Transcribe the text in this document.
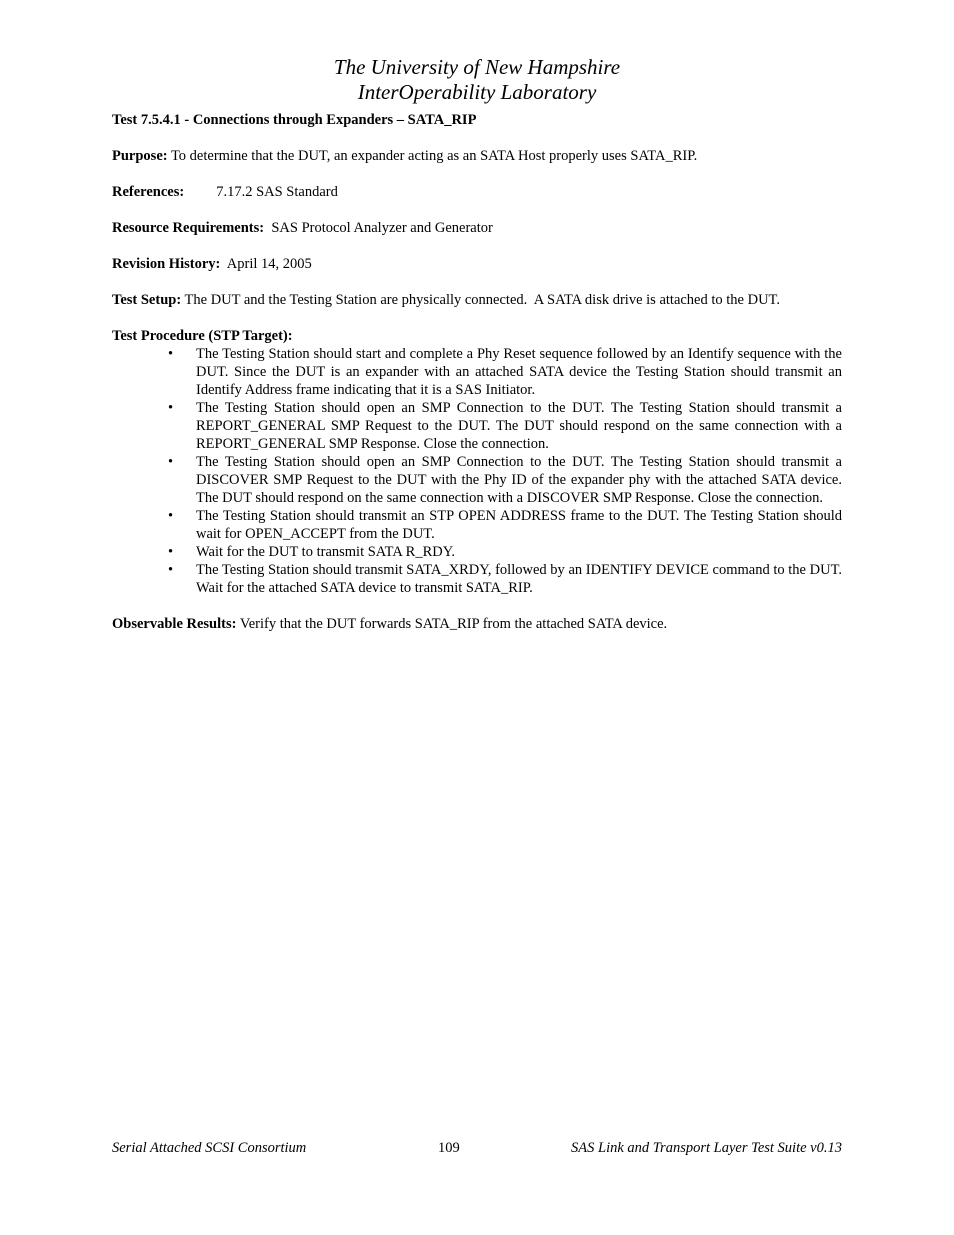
The University of New Hampshire
InterOperability Laboratory
Test 7.5.4.1 - Connections through Expanders – SATA_RIP
Purpose: To determine that the DUT, an expander acting as an SATA Host properly uses SATA_RIP.
References: 7.17.2 SAS Standard
Resource Requirements:  SAS Protocol Analyzer and Generator
Revision History:  April 14, 2005
Test Setup: The DUT and the Testing Station are physically connected.  A SATA disk drive is attached to the DUT.
Test Procedure (STP Target):
• The Testing Station should start and complete a Phy Reset sequence followed by an Identify sequence with the DUT. Since the DUT is an expander with an attached SATA device the Testing Station should transmit an Identify Address frame indicating that it is a SAS Initiator.
• The Testing Station should open an SMP Connection to the DUT. The Testing Station should transmit a REPORT_GENERAL SMP Request to the DUT. The DUT should respond on the same connection with a REPORT_GENERAL SMP Response. Close the connection.
• The Testing Station should open an SMP Connection to the DUT. The Testing Station should transmit a DISCOVER SMP Request to the DUT with the Phy ID of the expander phy with the attached SATA device. The DUT should respond on the same connection with a DISCOVER SMP Response. Close the connection.
• The Testing Station should transmit an STP OPEN ADDRESS frame to the DUT. The Testing Station should wait for OPEN_ACCEPT from the DUT.
• Wait for the DUT to transmit SATA R_RDY.
• The Testing Station should transmit SATA_XRDY, followed by an IDENTIFY DEVICE command to the DUT. Wait for the attached SATA device to transmit SATA_RIP.
Observable Results: Verify that the DUT forwards SATA_RIP from the attached SATA device.
Serial Attached SCSI Consortium	109	SAS Link and Transport Layer Test Suite v0.13
